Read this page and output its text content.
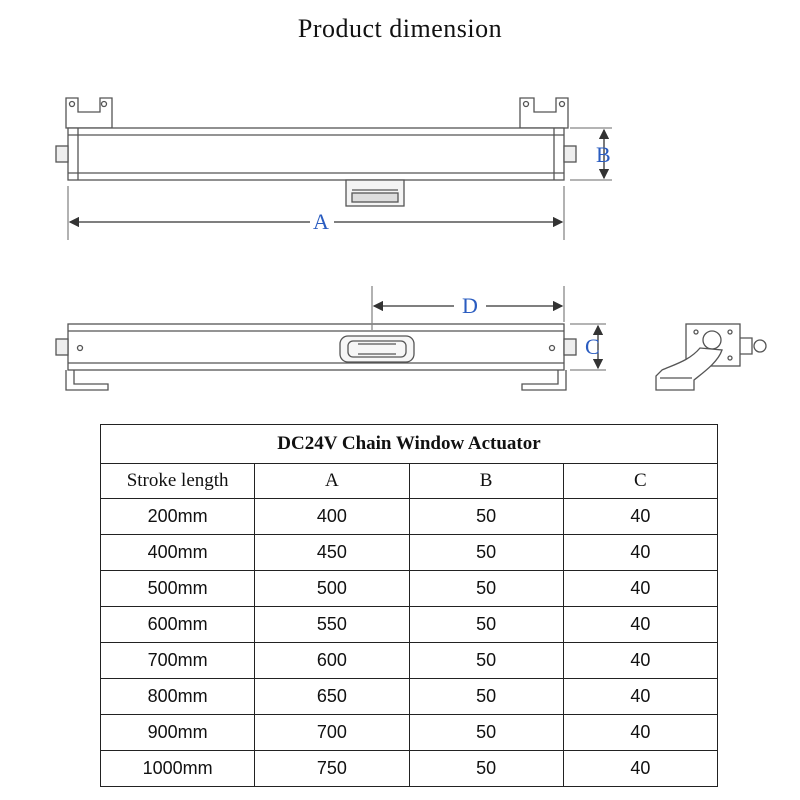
Product dimension
B
A
D
C
DC24V Chain Window Actuator			
Stroke length	A	B	C
200mm	400	50	40
400mm	450	50	40
500mm	500	50	40
600mm	550	50	40
700mm	600	50	40
800mm	650	50	40
900mm	700	50	40
1000mm	750	50	40
